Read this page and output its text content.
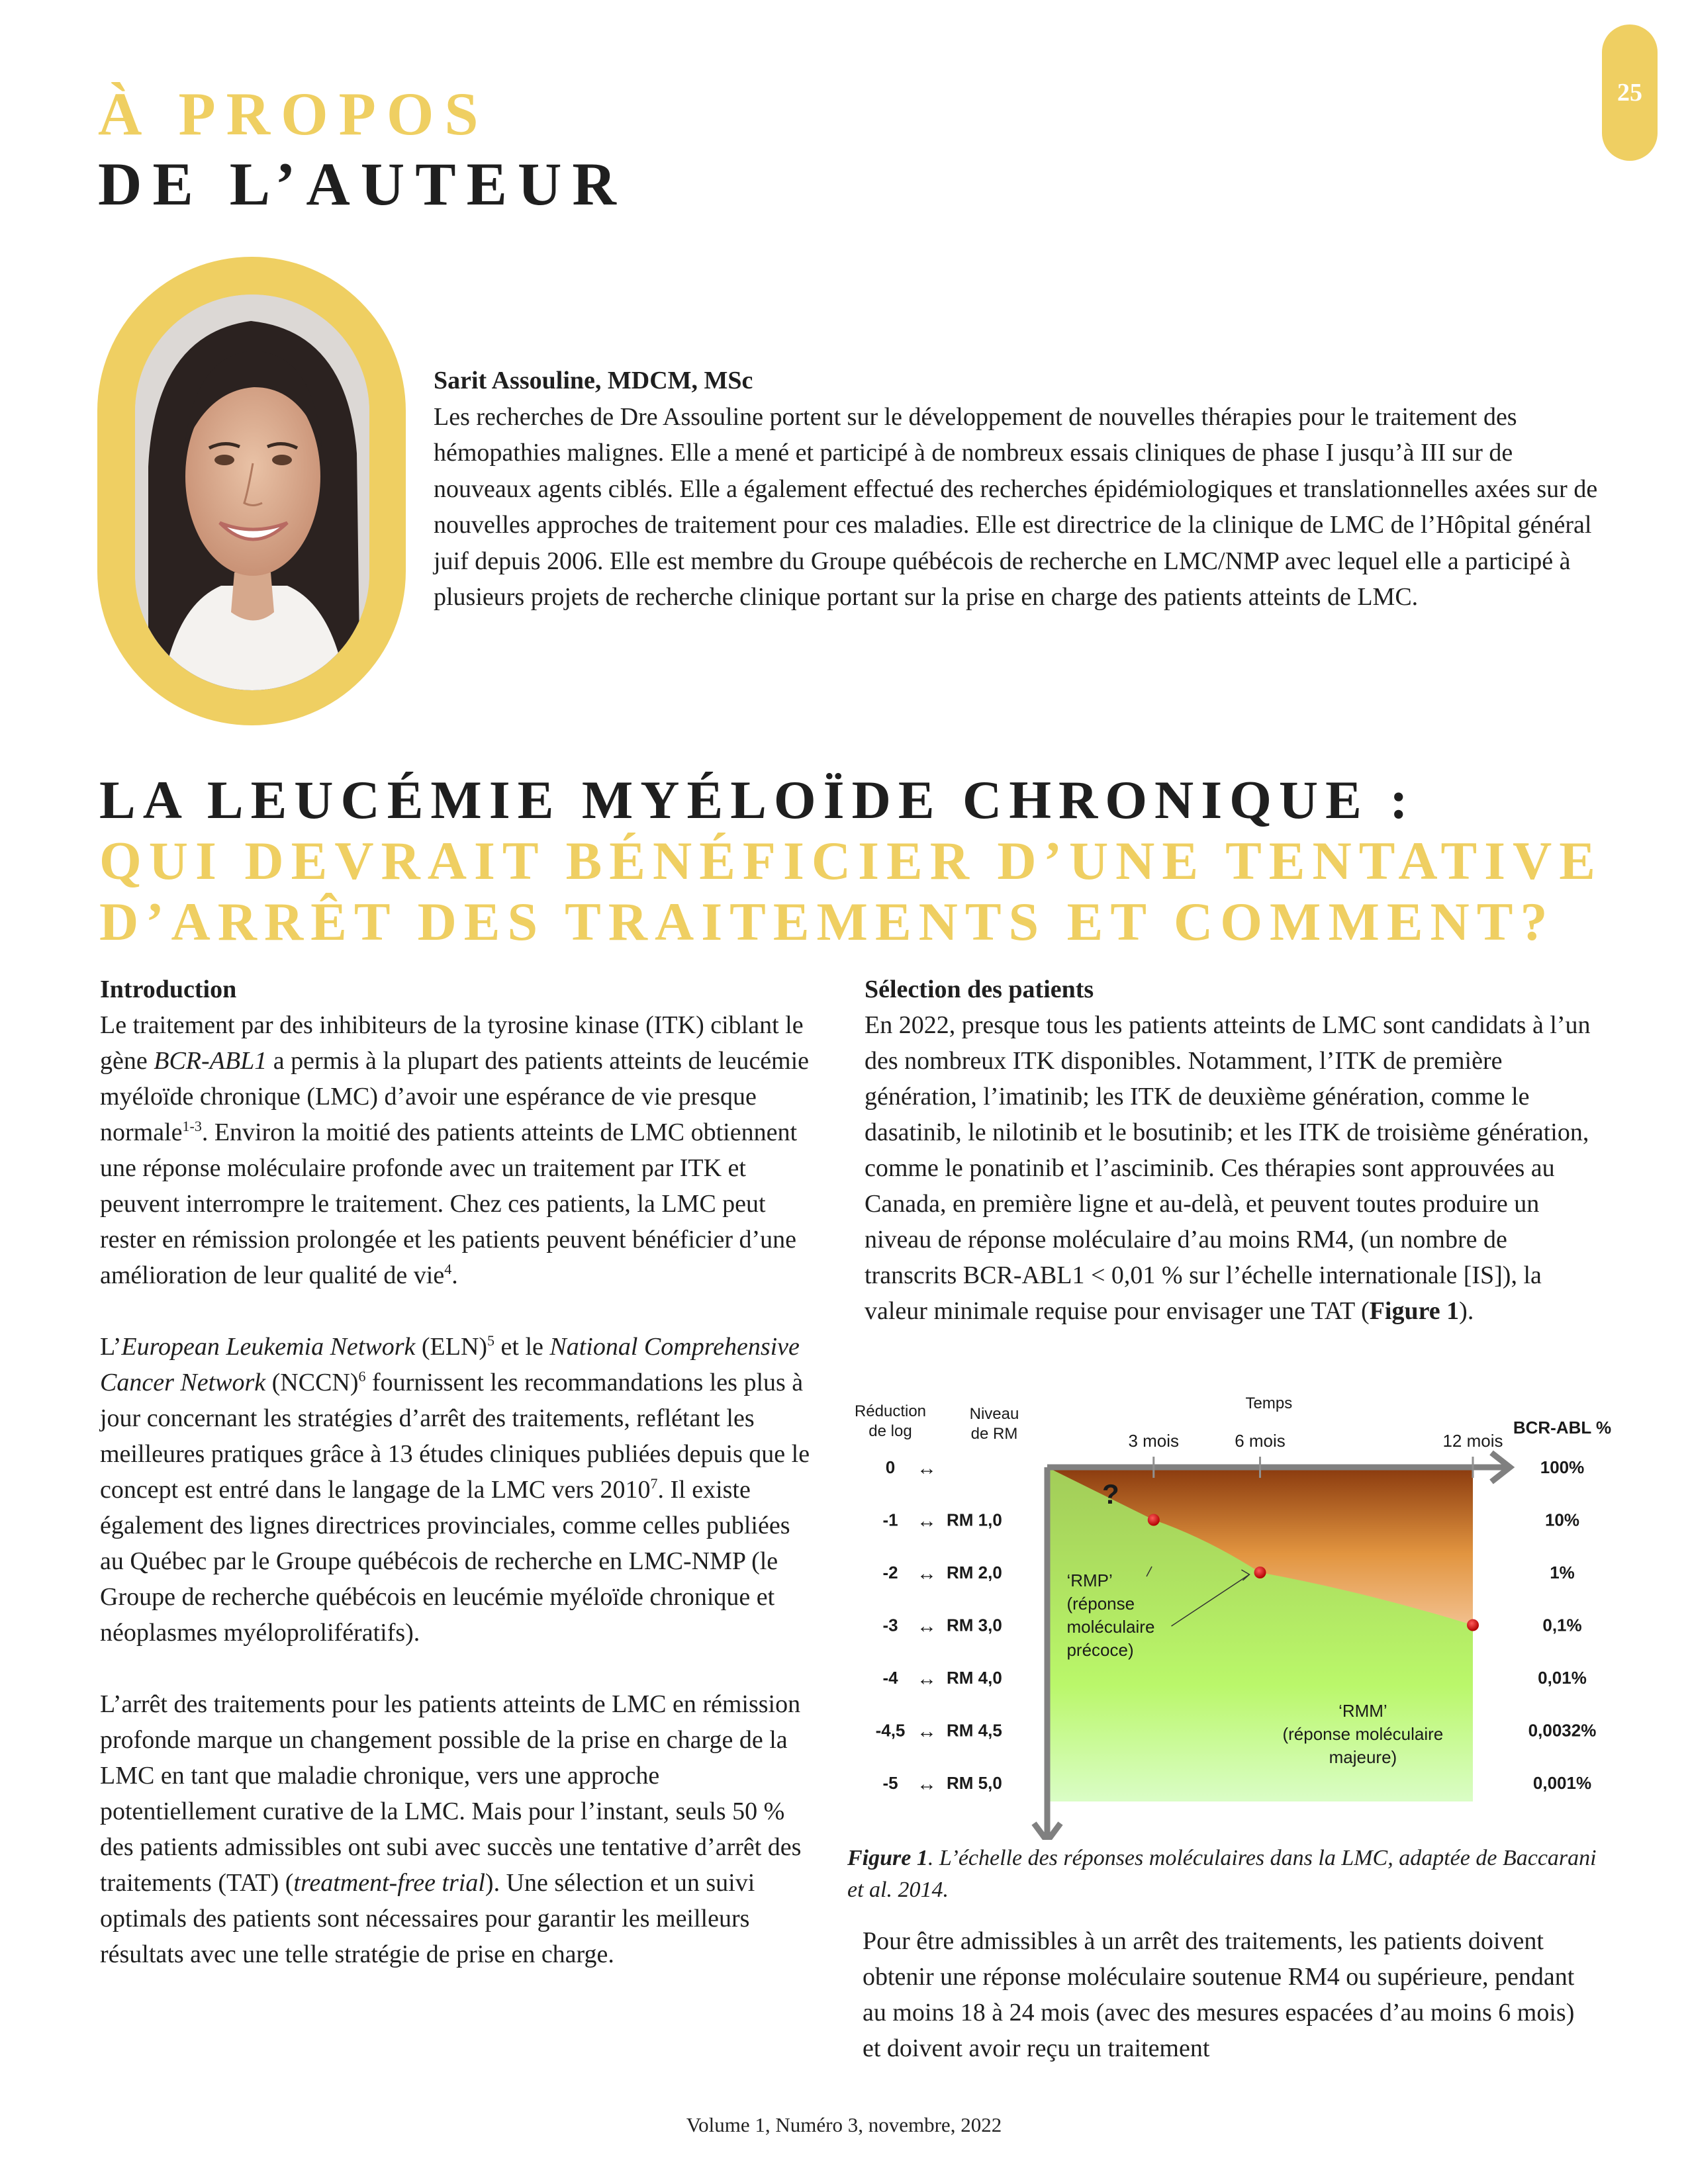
25
À PROPOS
DE L’AUTEUR
Sarit Assouline, MDCM, MSc
Les recherches de Dre Assouline portent sur le développement de nouvelles thérapies pour le traitement des hémopathies malignes. Elle a mené et participé à de nombreux essais cliniques de phase I jusqu’à III sur de nouveaux agents ciblés. Elle a également effectué des recherches épidémiologiques et translationnelles axées sur de nouvelles approches de traitement pour ces maladies. Elle est directrice de la clinique de LMC de l’Hôpital général juif depuis 2006. Elle est membre du Groupe québécois de recherche en LMC/NMP avec lequel elle a participé à plusieurs projets de recherche clinique portant sur la prise en charge des patients atteints de LMC.
LA LEUCÉMIE MYÉLOÏDE CHRONIQUE :
QUI DEVRAIT BÉNÉFICIER D’UNE TENTATIVE
D’ARRÊT DES TRAITEMENTS ET COMMENT?

Introduction

Le traitement par des inhibiteurs de la tyrosine kinase (ITK) ciblant le gène BCR-ABL1 a permis à la plupart des patients atteints de leucémie myéloïde chronique (LMC) d’avoir une espérance de vie presque normale$^{1-3}$. Environ la moitié des patients atteints de LMC obtiennent une réponse moléculaire profonde avec un traitement par ITK et peuvent interrompre le traitement. Chez ces patients, la LMC peut rester en rémission prolongée et les patients peuvent bénéficier d’une amélioration de leur qualité de vie$^4$.

L’European Leukemia Network (ELN)$^5$ et le National Comprehensive Cancer Network (NCCN)$^6$ fournissent les recommandations les plus à jour concernant les stratégies d’arrêt des traitements, reflétant les meilleures pratiques grâce à 13 études cliniques publiées depuis que le concept est entré dans le langage de la LMC vers 2010$^7$. Il existe également des lignes directrices provinciales, comme celles publiées au Québec par le Groupe québécois de recherche en LMC-NMP (le Groupe de recherche québécois en leucémie myéloïde chronique et néoplasmes myéloprolifératifs).

L’arrêt des traitements pour les patients atteints de LMC en rémission profonde marque un changement possible de la prise en charge de la LMC en tant que maladie chronique, vers une approche potentiellement curative de la LMC. Mais pour l’instant, seuls 50 % des patients admissibles ont subi avec succès une tentative d’arrêt des traitements (TAT) (treatment-free trial). Une sélection et un suivi optimals des patients sont nécessaires pour garantir les meilleurs résultats avec une telle stratégie de prise en charge.

Sélection des patients

En 2022, presque tous les patients atteints de LMC sont candidats à l’un des nombreux ITK disponibles. Notamment, l’ITK de première génération, l’imatinib; les ITK de deuxième génération, comme le dasatinib, le nilotinib et le bosutinib; et les ITK de troisième génération, comme le ponatinib et l’asciminib. Ces thérapies sont approuvées au Canada, en première ligne et au-delà, et peuvent toutes produire un niveau de réponse moléculaire d’au moins RM4, (un nombre de transcrits BCR-ABL1 < 0,01 % sur l’échelle internationale [IS]), la valeur minimale requise pour envisager une TAT (Figure 1).

Temps
3 mois	6 mois	12 mois
Réduction
de log
Niveau
de RM	BCR-ABL %
0 ↔	100%
-1 ↔ RM 1,0	10%
-2 ↔ RM 2,0	1%
-3 ↔ RM 3,0	0,1%
-4 ↔ RM 4,0	0,01%
-4,5 ↔ RM 4,5	0,0032%
-5 ↔ RM 5,0	0,001%
?
‘RMP’
(réponse
moléculaire
précoce)
‘RMM’
(réponse moléculaire
majeure)
Figure 1. L’échelle des réponses moléculaires dans la LMC, adaptée de Baccarani et al. 2014.
Pour être admissibles à un arrêt des traitements, les patients doivent obtenir une réponse moléculaire soutenue RM4 ou supérieure, pendant au moins 18 à 24 mois (avec des mesures espacées d’au moins 6 mois) et doivent avoir reçu un traitement
Volume 1, Numéro 3, novembre, 2022
